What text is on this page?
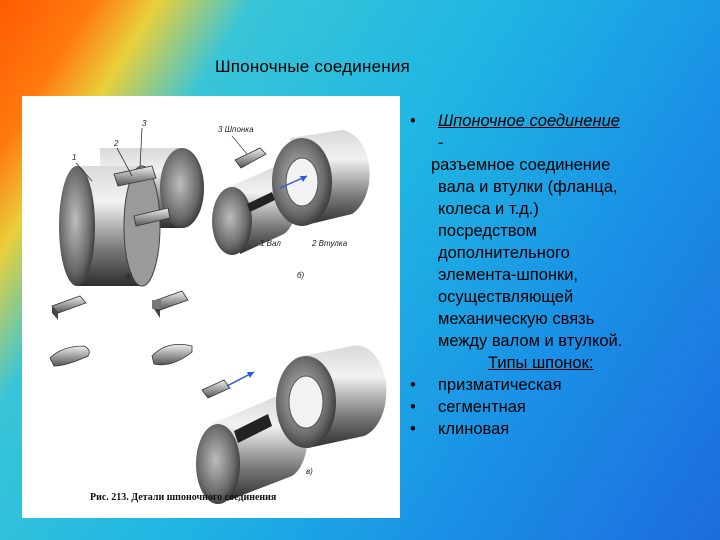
Шпоночные соединения
1
2
3
а)
3 Шпонка
1 Вал	2 Втулка
б)
в)
Рис. 213. Детали шпоночного соединения
• Шпоночное соединение
-
разъемное соединение
вала и втулки (фланца,
колеса и т.д.)
посредством
дополнительного
элемента-шпонки,
осуществляющей
механическую связь
между валом и втулкой.
Типы шпонок:
• призматическая
• сегментная
• клиновая
